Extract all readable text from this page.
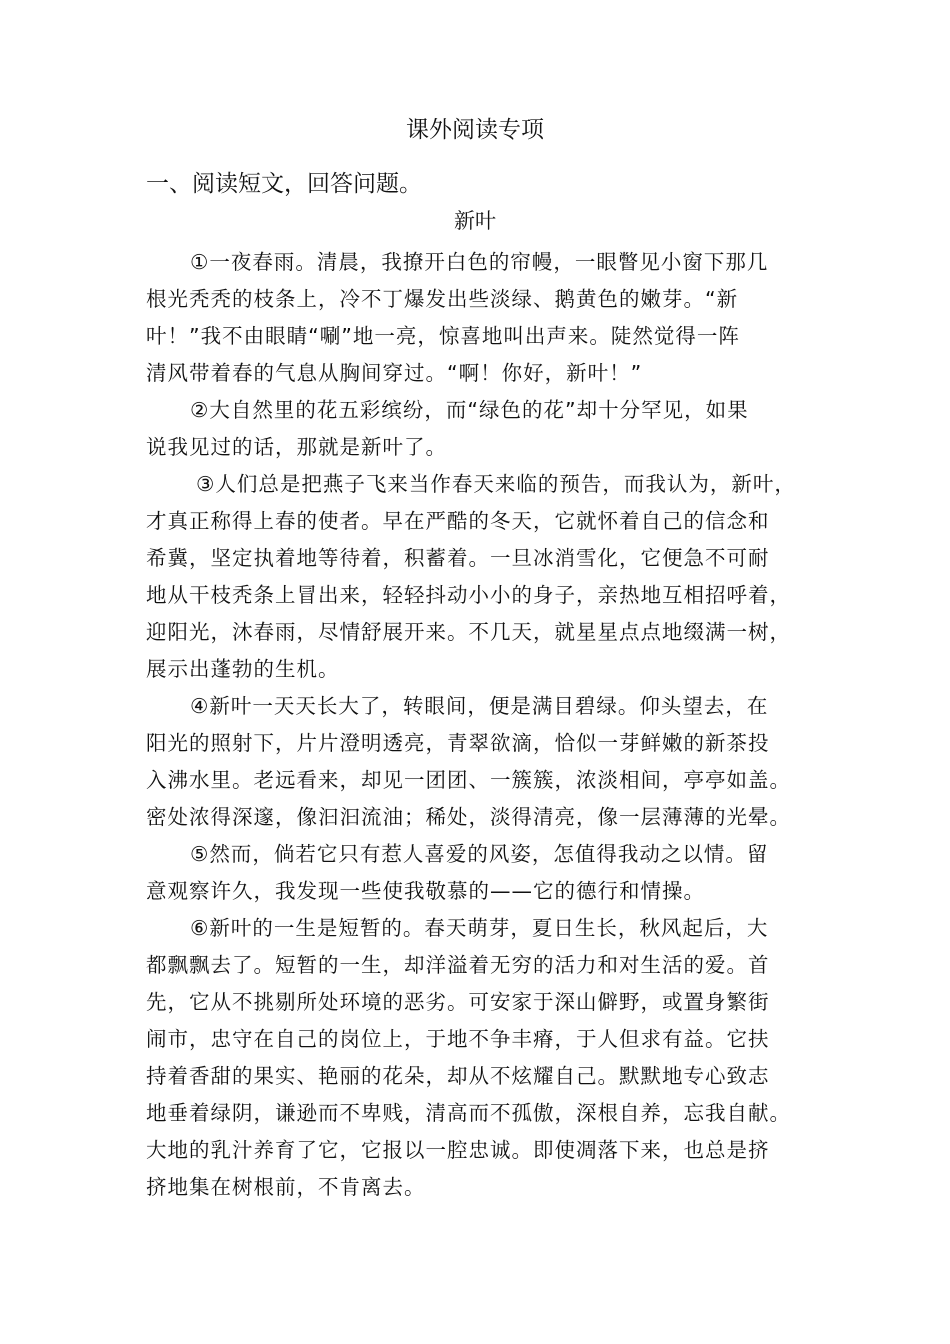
课外阅读专项
一、阅读短文，回答问题。
新叶
①一夜春雨。清晨，我撩开白色的帘幔，一眼瞥见小窗下那几
根光秃秃的枝条上，冷不丁爆发出些淡绿、鹅黄色的嫩芽。“新
叶！”我不由眼睛“唰”地一亮，惊喜地叫出声来。陡然觉得一阵
清风带着春的气息从胸间穿过。“啊！你好，新叶！”
②大自然里的花五彩缤纷，而“绿色的花”却十分罕见，如果
说我见过的话，那就是新叶了。
③人们总是把燕子飞来当作春天来临的预告，而我认为，新叶，
才真正称得上春的使者。早在严酷的冬天，它就怀着自己的信念和
希冀，坚定执着地等待着，积蓄着。一旦冰消雪化，它便急不可耐
地从干枝秃条上冒出来，轻轻抖动小小的身子，亲热地互相招呼着，
迎阳光，沐春雨，尽情舒展开来。不几天，就星星点点地缀满一树，
展示出蓬勃的生机。
④新叶一天天长大了，转眼间，便是满目碧绿。仰头望去，在
阳光的照射下，片片澄明透亮，青翠欲滴，恰似一芽鲜嫩的新茶投
入沸水里。老远看来，却见一团团、一簇簇，浓淡相间，亭亭如盖。
密处浓得深邃，像汩汩流油；稀处，淡得清亮，像一层薄薄的光晕。
⑤然而，倘若它只有惹人喜爱的风姿，怎值得我动之以情。留
意观察许久，我发现一些使我敬慕的——它的德行和情操。
⑥新叶的一生是短暂的。春天萌芽，夏日生长，秋风起后，大
都飘飘去了。短暂的一生，却洋溢着无穷的活力和对生活的爱。首
先，它从不挑剔所处环境的恶劣。可安家于深山僻野，或置身繁街
闹市，忠守在自己的岗位上，于地不争丰瘠，于人但求有益。它扶
持着香甜的果实、艳丽的花朵，却从不炫耀自己。默默地专心致志
地垂着绿阴，谦逊而不卑贱，清高而不孤傲，深根自养，忘我自献。
大地的乳汁养育了它，它报以一腔忠诚。即使凋落下来，也总是挤
挤地集在树根前，不肯离去。
